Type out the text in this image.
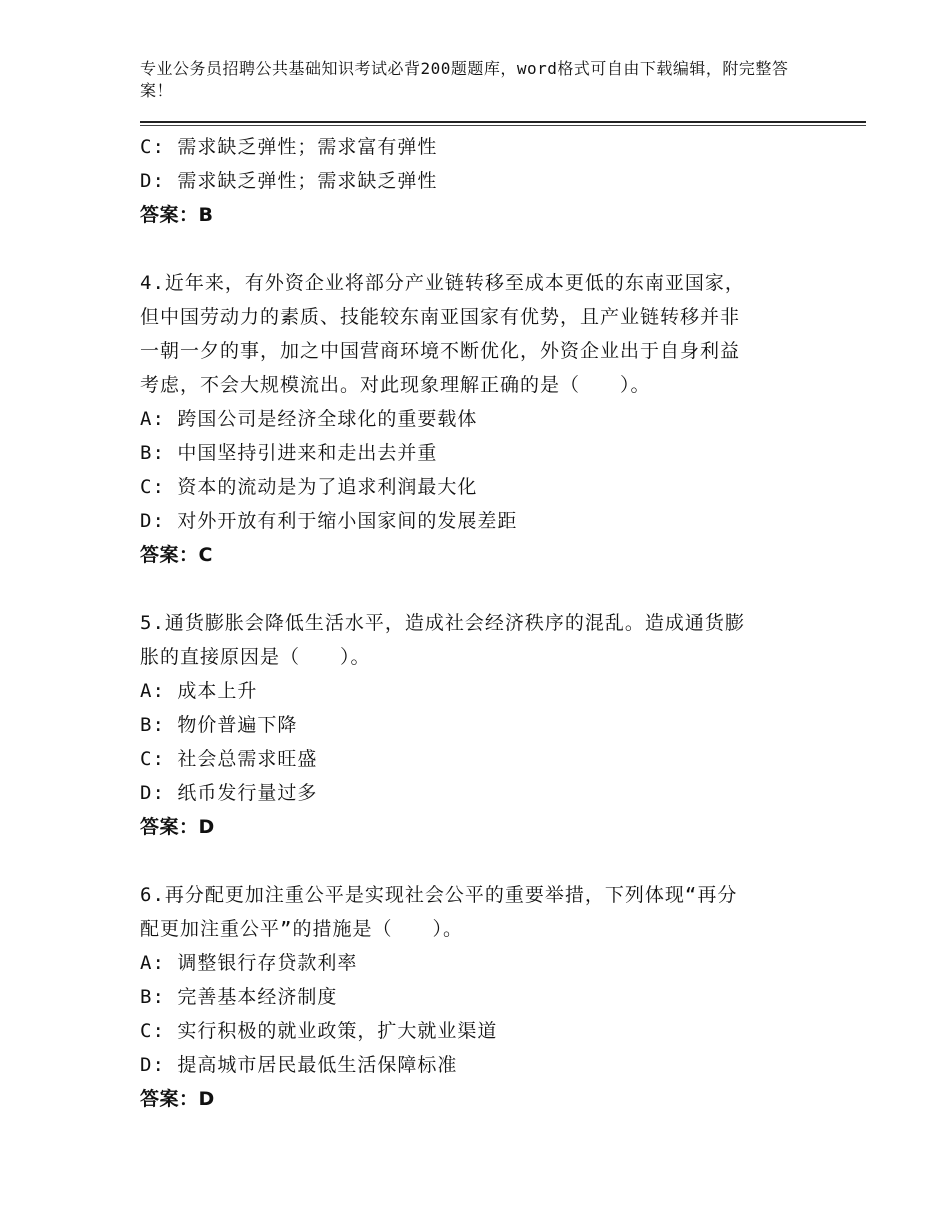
专业公务员招聘公共基础知识考试必背200题题库，word格式可自由下载编辑，附完整答案！
C: 需求缺乏弹性；需求富有弹性
D: 需求缺乏弹性；需求缺乏弹性
答案：B
4.近年来，有外资企业将部分产业链转移至成本更低的东南亚国家，
但中国劳动力的素质、技能较东南亚国家有优势，且产业链转移并非
一朝一夕的事，加之中国营商环境不断优化，外资企业出于自身利益
考虑，不会大规模流出。对此现象理解正确的是（　　）。
A: 跨国公司是经济全球化的重要载体
B: 中国坚持引进来和走出去并重
C: 资本的流动是为了追求利润最大化
D: 对外开放有利于缩小国家间的发展差距
答案：C
5.通货膨胀会降低生活水平，造成社会经济秩序的混乱。造成通货膨
胀的直接原因是（　　）。
A: 成本上升
B: 物价普遍下降
C: 社会总需求旺盛
D: 纸币发行量过多
答案：D
6.再分配更加注重公平是实现社会公平的重要举措，下列体现“再分
配更加注重公平”的措施是（　　）。
A: 调整银行存贷款利率
B: 完善基本经济制度
C: 实行积极的就业政策，扩大就业渠道
D: 提高城市居民最低生活保障标准
答案：D
